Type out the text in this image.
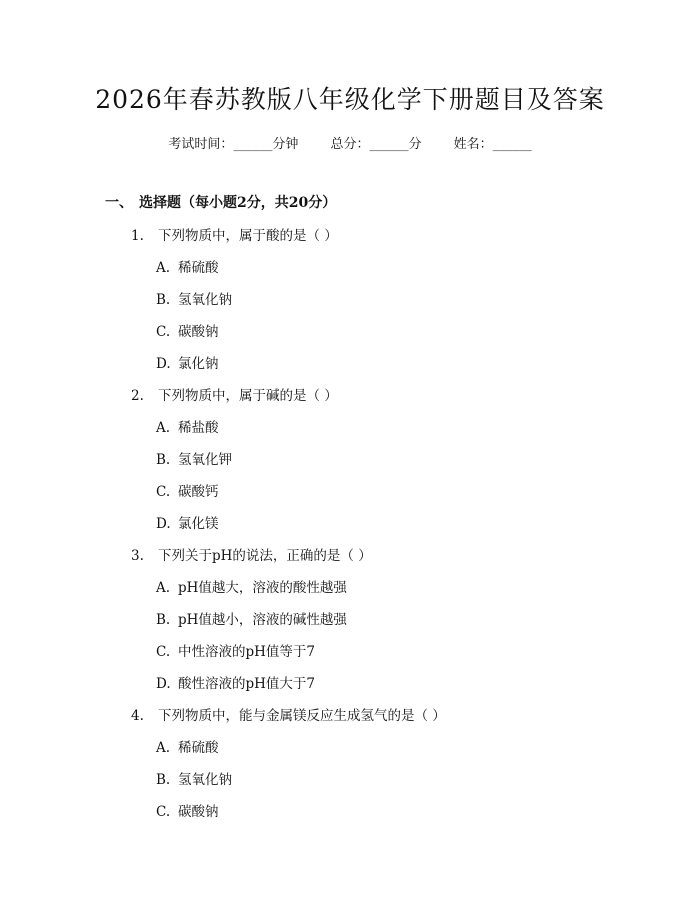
2026年春苏教版八年级化学下册题目及答案
考试时间：______分钟 总分：______分 姓名：______
一、 选择题（每小题2分，共20分）
1. 下列物质中，属于酸的是（ ）
A. 稀硫酸
B. 氢氧化钠
C. 碳酸钠
D. 氯化钠
2. 下列物质中，属于碱的是（ ）
A. 稀盐酸
B. 氢氧化钾
C. 碳酸钙
D. 氯化镁
3. 下列关于pH的说法，正确的是（ ）
A. pH值越大，溶液的酸性越强
B. pH值越小，溶液的碱性越强
C. 中性溶液的pH值等于7
D. 酸性溶液的pH值大于7
4. 下列物质中，能与金属镁反应生成氢气的是（ ）
A. 稀硫酸
B. 氢氧化钠
C. 碳酸钠
